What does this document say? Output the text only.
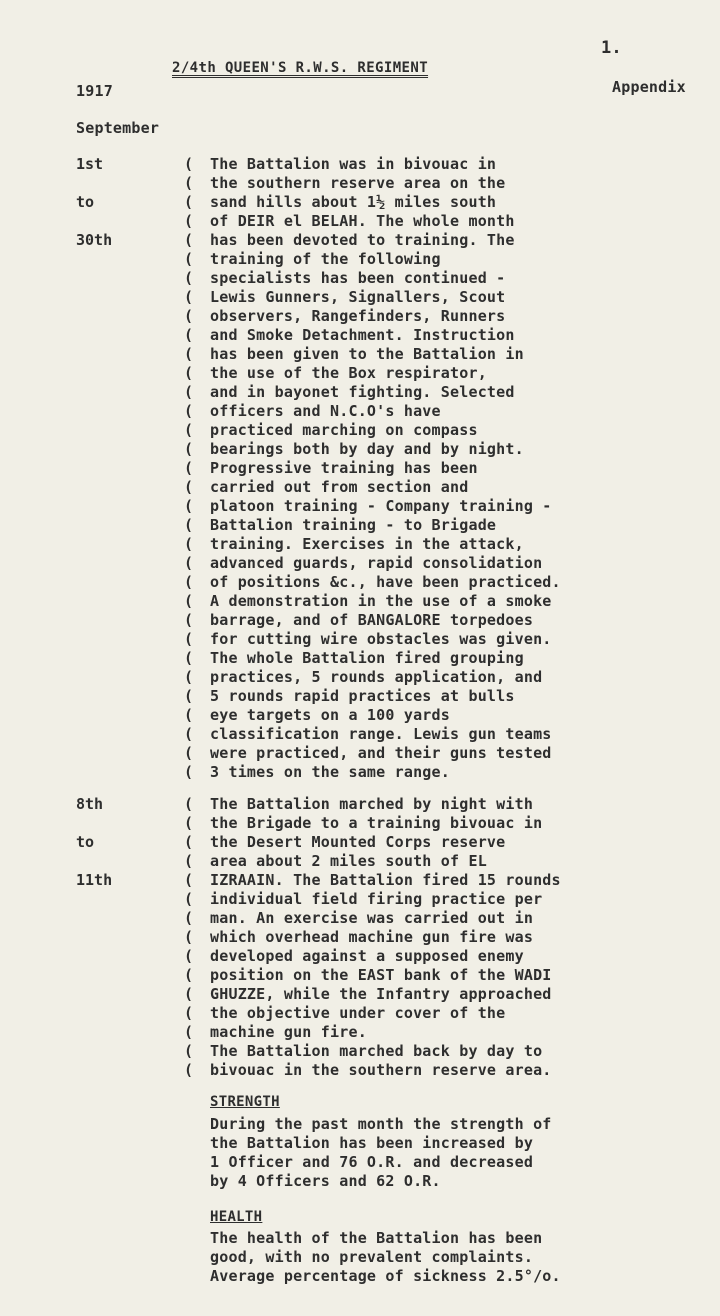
1.
2/4th QUEEN'S R.W.S. REGIMENT
Appendix
1917
September
1st
to
30th
(
(
(
(
(
(
(
(
(
(
(
(
(
(
(
(
(
(
(
(
(
(
(
(
(
(
(
(
(
(
(
(
(
The Battalion was in bivouac in
the southern reserve area on the
sand hills about 1½ miles south
of DEIR el BELAH. The whole month
has been devoted to training. The
training of the following
specialists has been continued -
Lewis Gunners, Signallers, Scout
observers, Rangefinders, Runners
and Smoke Detachment. Instruction
has been given to the Battalion in
the use of the Box respirator,
and in bayonet fighting. Selected
officers and N.C.O's have
practiced marching on compass
bearings both by day and by night.
Progressive training has been
carried out from section and
platoon training - Company training -
Battalion training - to Brigade
training. Exercises in the attack,
advanced guards, rapid consolidation
of positions &c., have been practiced.
A demonstration in the use of a smoke
barrage, and of BANGALORE torpedoes
for cutting wire obstacles was given.
The whole Battalion fired grouping
practices, 5 rounds application, and
5 rounds rapid practices at bulls
eye targets on a 100 yards
classification range. Lewis gun teams
were practiced, and their guns tested
3 times on the same range.
8th
to
11th
(
(
(
(
(
(
(
(
(
(
(
(
(
(
(
The Battalion marched by night with
the Brigade to a training bivouac in
the Desert Mounted Corps reserve
area about 2 miles south of EL
IZRAAIN. The Battalion fired 15 rounds
individual field firing practice per
man. An exercise was carried out in
which overhead machine gun fire was
developed against a supposed enemy
position on the EAST bank of the WADI
GHUZZE, while the Infantry approached
the objective under cover of the
machine gun fire.
The Battalion marched back by day to
bivouac in the southern reserve area.
STRENGTH
During the past month the strength of
the Battalion has been increased by
1 Officer and 76 O.R. and decreased
by 4 Officers and 62 O.R.
HEALTH
The health of the Battalion has been
good, with no prevalent complaints.
Average percentage of sickness 2.5°/o.
